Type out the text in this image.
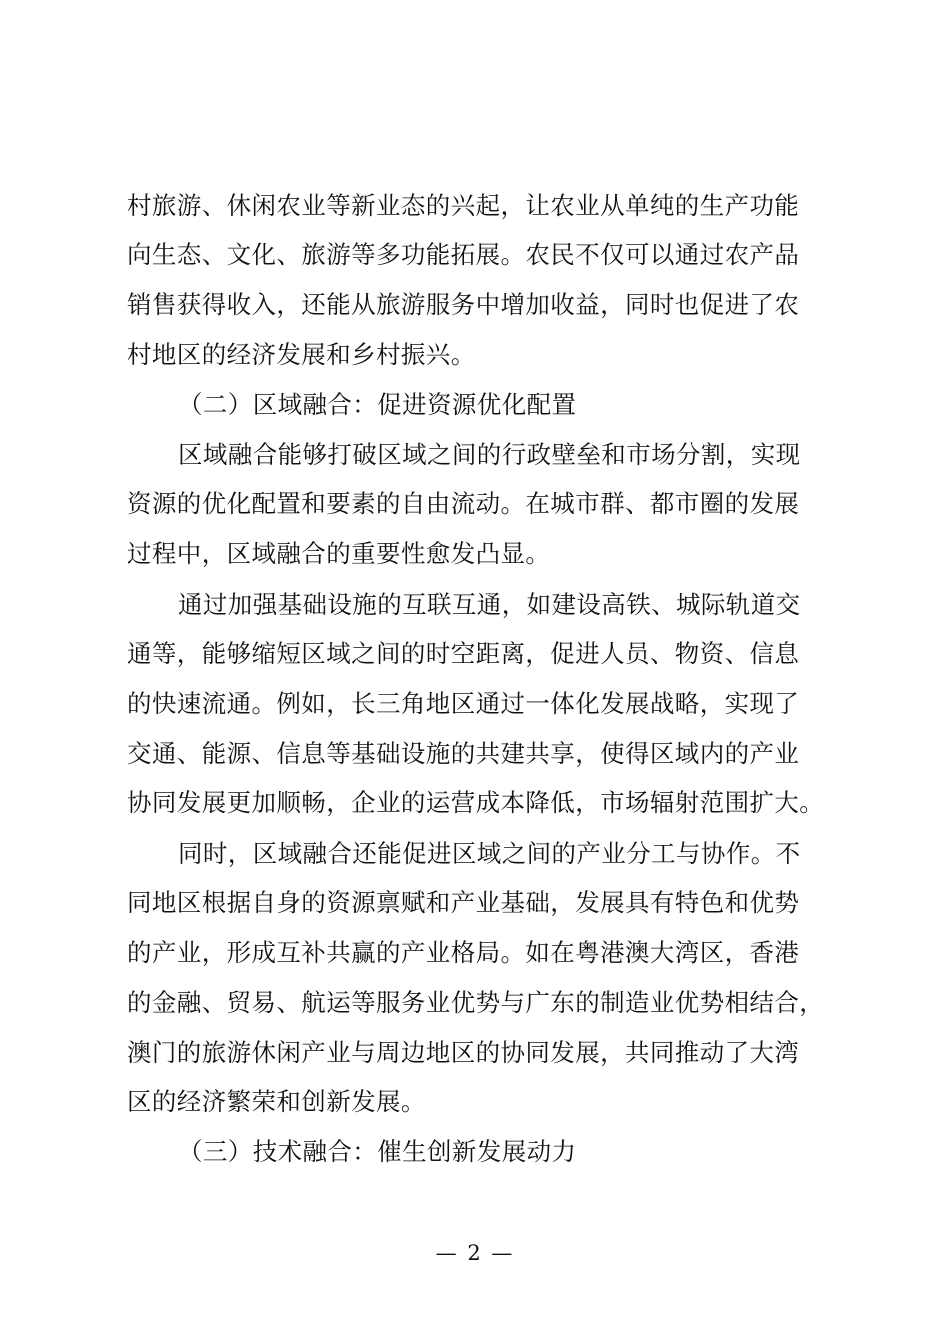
村旅游、休闲农业等新业态的兴起，让农业从单纯的生产功能
向生态、文化、旅游等多功能拓展。农民不仅可以通过农产品
销售获得收入，还能从旅游服务中增加收益，同时也促进了农
村地区的经济发展和乡村振兴。
（二）区域融合：促进资源优化配置
区域融合能够打破区域之间的行政壁垒和市场分割，实现
资源的优化配置和要素的自由流动。在城市群、都市圈的发展
过程中，区域融合的重要性愈发凸显。
通过加强基础设施的互联互通，如建设高铁、城际轨道交
通等，能够缩短区域之间的时空距离，促进人员、物资、信息
的快速流通。例如，长三角地区通过一体化发展战略，实现了
交通、能源、信息等基础设施的共建共享，使得区域内的产业
协同发展更加顺畅，企业的运营成本降低，市场辐射范围扩大。
同时，区域融合还能促进区域之间的产业分工与协作。不
同地区根据自身的资源禀赋和产业基础，发展具有特色和优势
的产业，形成互补共赢的产业格局。如在粤港澳大湾区，香港
的金融、贸易、航运等服务业优势与广东的制造业优势相结合，
澳门的旅游休闲产业与周边地区的协同发展，共同推动了大湾
区的经济繁荣和创新发展。
（三）技术融合：催生创新发展动力
— 2 —
